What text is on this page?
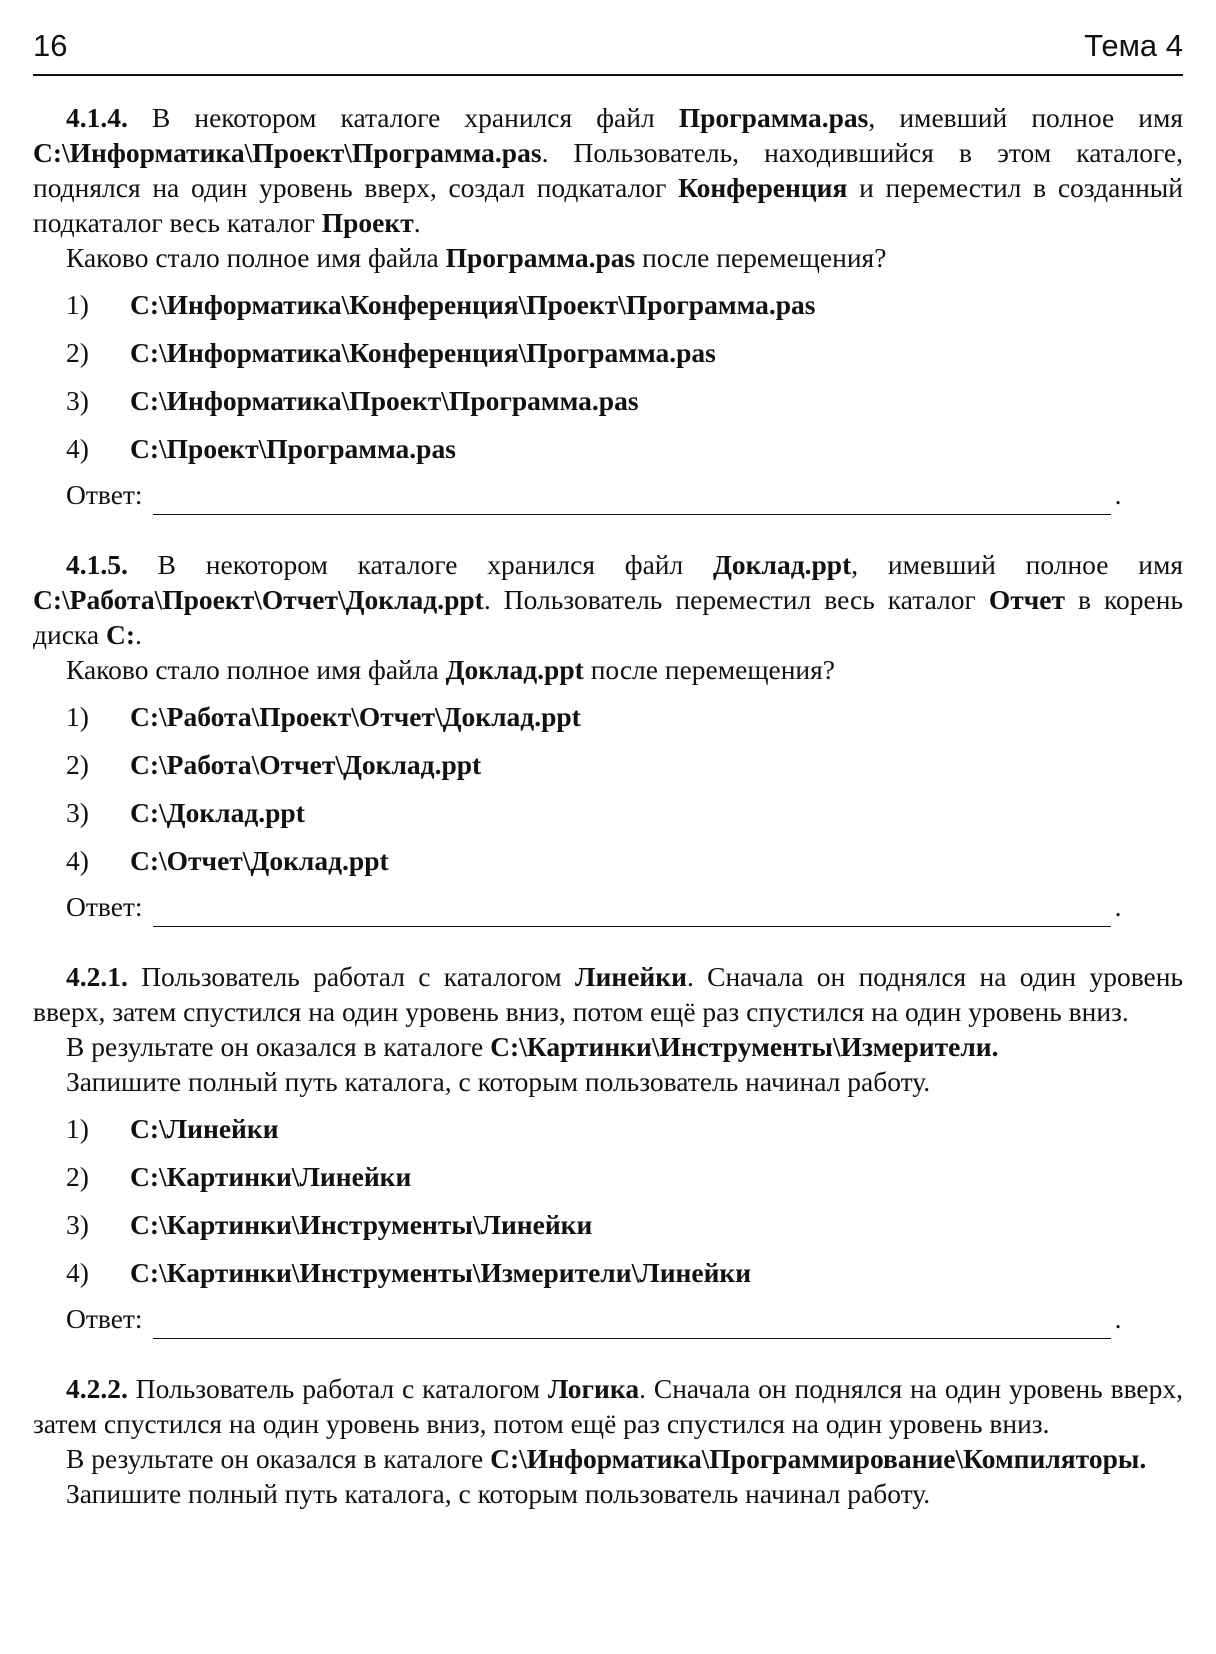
16	Тема 4

4.1.4. В некотором каталоге хранился файл Программа.pas, имевший полное имя C:\Информатика\Проект\Программа.pas. Пользователь, находившийся в этом каталоге, поднялся на один уровень вверх, создал подкаталог Конференция и переместил в созданный подкаталог весь каталог Проект.

Каково стало полное имя файла Программа.pas после перемещения?

1) C:\Информатика\Конференция\Проект\Программа.pas
2) C:\Информатика\Конференция\Программа.pas
3) C:\Информатика\Проект\Программа.pas
4) C:\Проект\Программа.pas
Ответ:	.

4.1.5. В некотором каталоге хранился файл Доклад.ppt, имевший полное имя C:\Работа\Проект\Отчет\Доклад.ppt. Пользователь переместил весь каталог Отчет в корень диска C:.

Каково стало полное имя файла Доклад.ppt после перемещения?

1) C:\Работа\Проект\Отчет\Доклад.ppt
2) C:\Работа\Отчет\Доклад.ppt
3) C:\Доклад.ppt
4) C:\Отчет\Доклад.ppt
Ответ:	.

4.2.1. Пользователь работал с каталогом Линейки. Сначала он поднялся на один уровень вверх, затем спустился на один уровень вниз, потом ещё раз спустился на один уровень вниз.

В результате он оказался в каталоге C:\Картинки\Инструменты\Измерители.

Запишите полный путь каталога, с которым пользователь начинал работу.

1) C:\Линейки
2) C:\Картинки\Линейки
3) C:\Картинки\Инструменты\Линейки
4) C:\Картинки\Инструменты\Измерители\Линейки
Ответ:	.

4.2.2. Пользователь работал с каталогом Логика. Сначала он поднялся на один уровень вверх, затем спустился на один уровень вниз, потом ещё раз спустился на один уровень вниз.

В результате он оказался в каталоге C:\Информатика\Программирование\Компиляторы.

Запишите полный путь каталога, с которым пользователь начинал работу.
